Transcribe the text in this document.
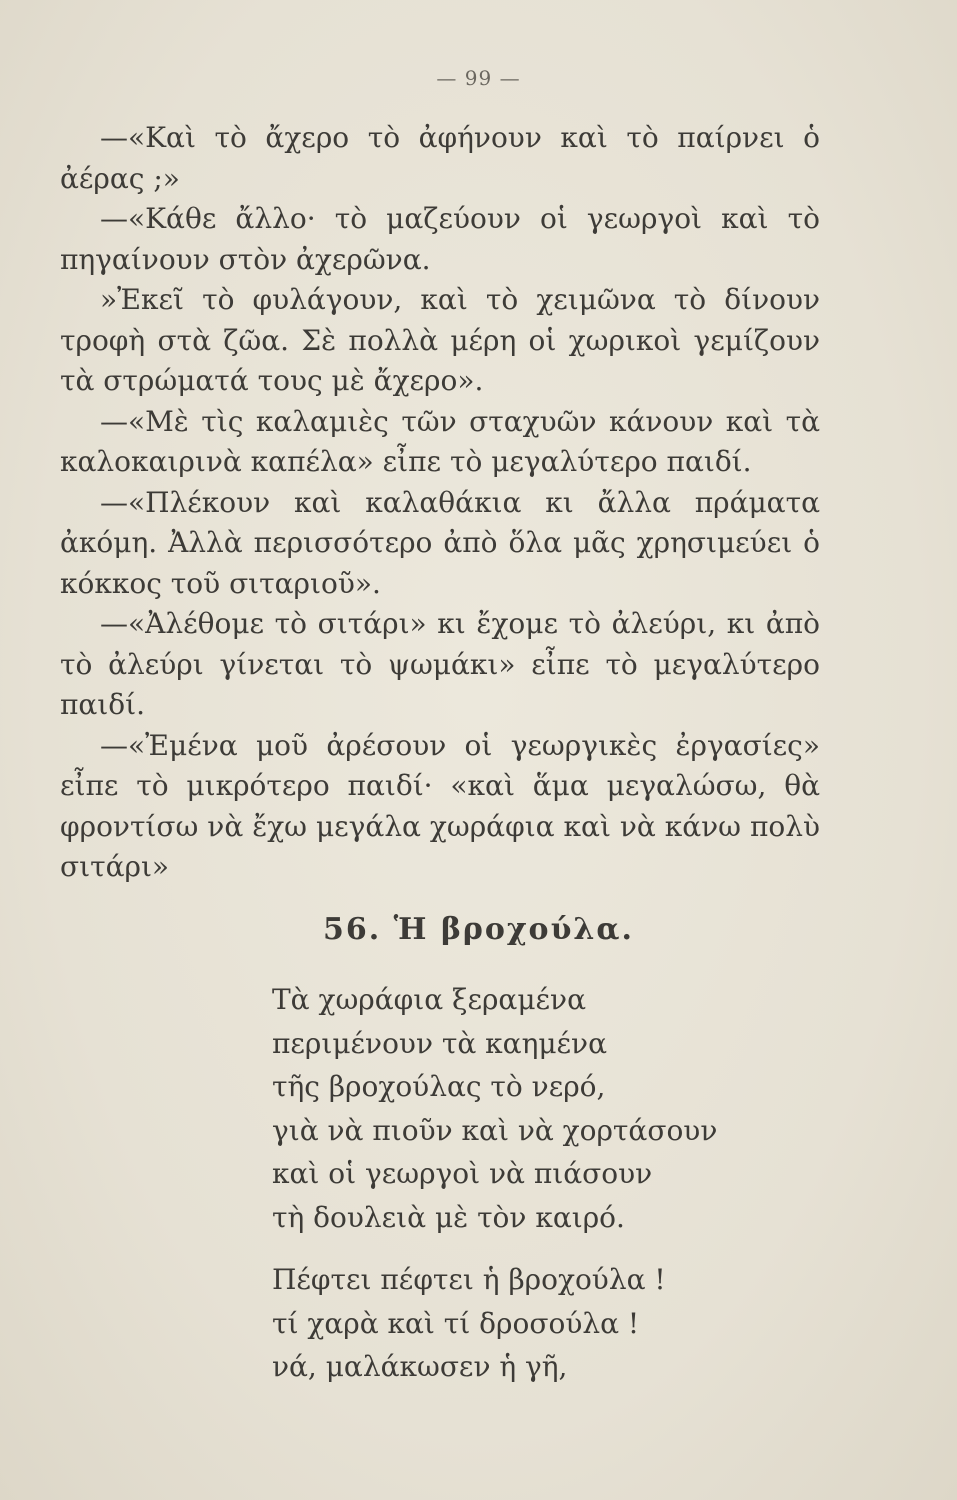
— 99 —
—«Καὶ τὸ ἄχερο τὸ ἀφήνουν καὶ τὸ παίρνει ὁ
ἀέρας ;»
—«Κάθε ἄλλο· τὸ μαζεύουν οἱ γεωργοὶ καὶ τὸ
πηγαίνουν στὸν ἀχερῶνα.
»Ἐκεῖ τὸ φυλάγουν, καὶ τὸ χειμῶνα τὸ δίνουν
τροφὴ στὰ ζῶα. Σὲ πολλὰ μέρη οἱ χωρικοὶ γεμίζουν
τὰ στρώματά τους μὲ ἄχερο».
—«Μὲ τὶς καλαμιὲς τῶν σταχυῶν κάνουν καὶ τὰ
καλοκαιρινὰ καπέλα» εἶπε τὸ μεγαλύτερο παιδί.
—«Πλέκουν καὶ καλαθάκια κι ἄλλα πράματα
ἀκόμη. Ἀλλὰ περισσότερο ἀπὸ ὅλα μᾶς χρησιμεύει ὁ
κόκκος τοῦ σιταριοῦ».
—«Ἀλέθομε τὸ σιτάρι» κι ἔχομε τὸ ἀλεύρι, κι ἀπὸ
τὸ ἀλεύρι γίνεται τὸ ψωμάκι» εἶπε τὸ μεγαλύτερο
παιδί.
—«Ἐμένα μοῦ ἀρέσουν οἱ γεωργικὲς ἐργασίες»
εἶπε τὸ μικρότερο παιδί· «καὶ ἅμα μεγαλώσω, θὰ
φροντίσω νὰ ἔχω μεγάλα χωράφια καὶ νὰ κάνω πολὺ
σιτάρι»
56. Ἡ βροχούλα.
Τὰ χωράφια ξεραμένα
περιμένουν τὰ καημένα
τῆς βροχούλας τὸ νερό,
γιὰ νὰ πιοῦν καὶ νὰ χορτάσουν
καὶ οἱ γεωργοὶ νὰ πιάσουν
τὴ δουλειὰ μὲ τὸν καιρό.
Πέφτει πέφτει ἡ βροχούλα !
τί χαρὰ καὶ τί δροσούλα !
νά, μαλάκωσεν ἡ γῆ,
